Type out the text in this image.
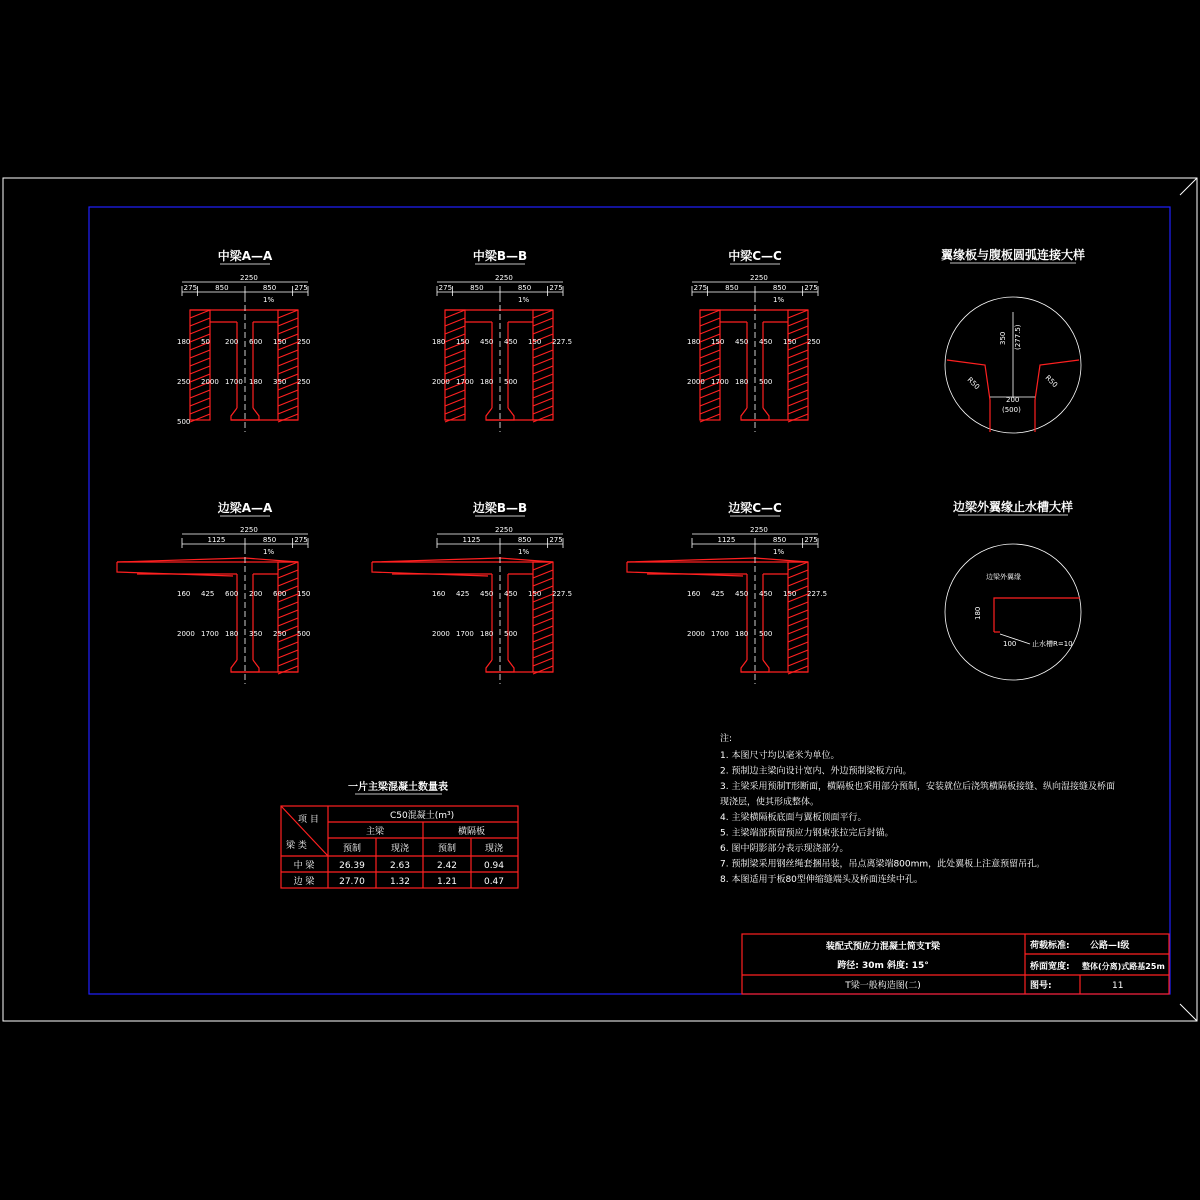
中梁A—A
2250
275	850	850	275
1%
180 50 200 600 150 250
250 2000 1700 180 350 250
500
中梁B—B
2250
275	850	850	275
1%
180 150 450 450 150 227.5
2000 1700 180 500
中梁C—C
2250
275	850	850	275
1%
180 150 450 450 150 250
2000 1700 180 500
边梁A—A
2250
1125	850	275
1%
160 425 600 200 600 150
2000 1700 180 350 250 500
边梁B—B
2250
1125	850	275
1%
160 425 450 450 150 227.5
2000 1700 180 500
边梁C—C
2250
1125	850	275
1%
160 425 450 450 150 227.5
2000 1700 180 500
翼缘板与腹板圆弧连接大样
350 (277.5)
R50	R50
200
(500)
边梁外翼缘止水槽大样
边梁外翼缘
180
100 止水槽R=10
一片主梁混凝土数量表
项 目
梁 类
C50混凝土(m³)
主梁	横隔板
预制	现浇	预制	现浇
中 梁	26.39	2.63	2.42	0.94
边 梁	27.70	1.32	1.21	0.47
注:
1. 本图尺寸均以毫米为单位。
2. 预制边主梁向设计宽内、外边预制梁板方向。
3. 主梁采用预制T形断面，横隔板也采用部分预制，安装就位后浇筑横隔板接缝、纵向湿接缝及桥面
现浇层，使其形成整体。
4. 主梁横隔板底面与翼板顶面平行。
5. 主梁端部预留预应力钢束张拉完后封锚。
6. 图中阴影部分表示现浇部分。
7. 预制梁采用钢丝绳套捆吊装，吊点离梁端800mm，此处翼板上注意预留吊孔。
8. 本图适用于板80型伸缩缝端头及桥面连续中孔。
装配式预应力混凝土简支T梁
跨径: 30m 斜度: 15°
T梁一般构造图(二)
荷载标准: 公路—I级
桥面宽度: 整体(分离)式路基25m
图号:	11
